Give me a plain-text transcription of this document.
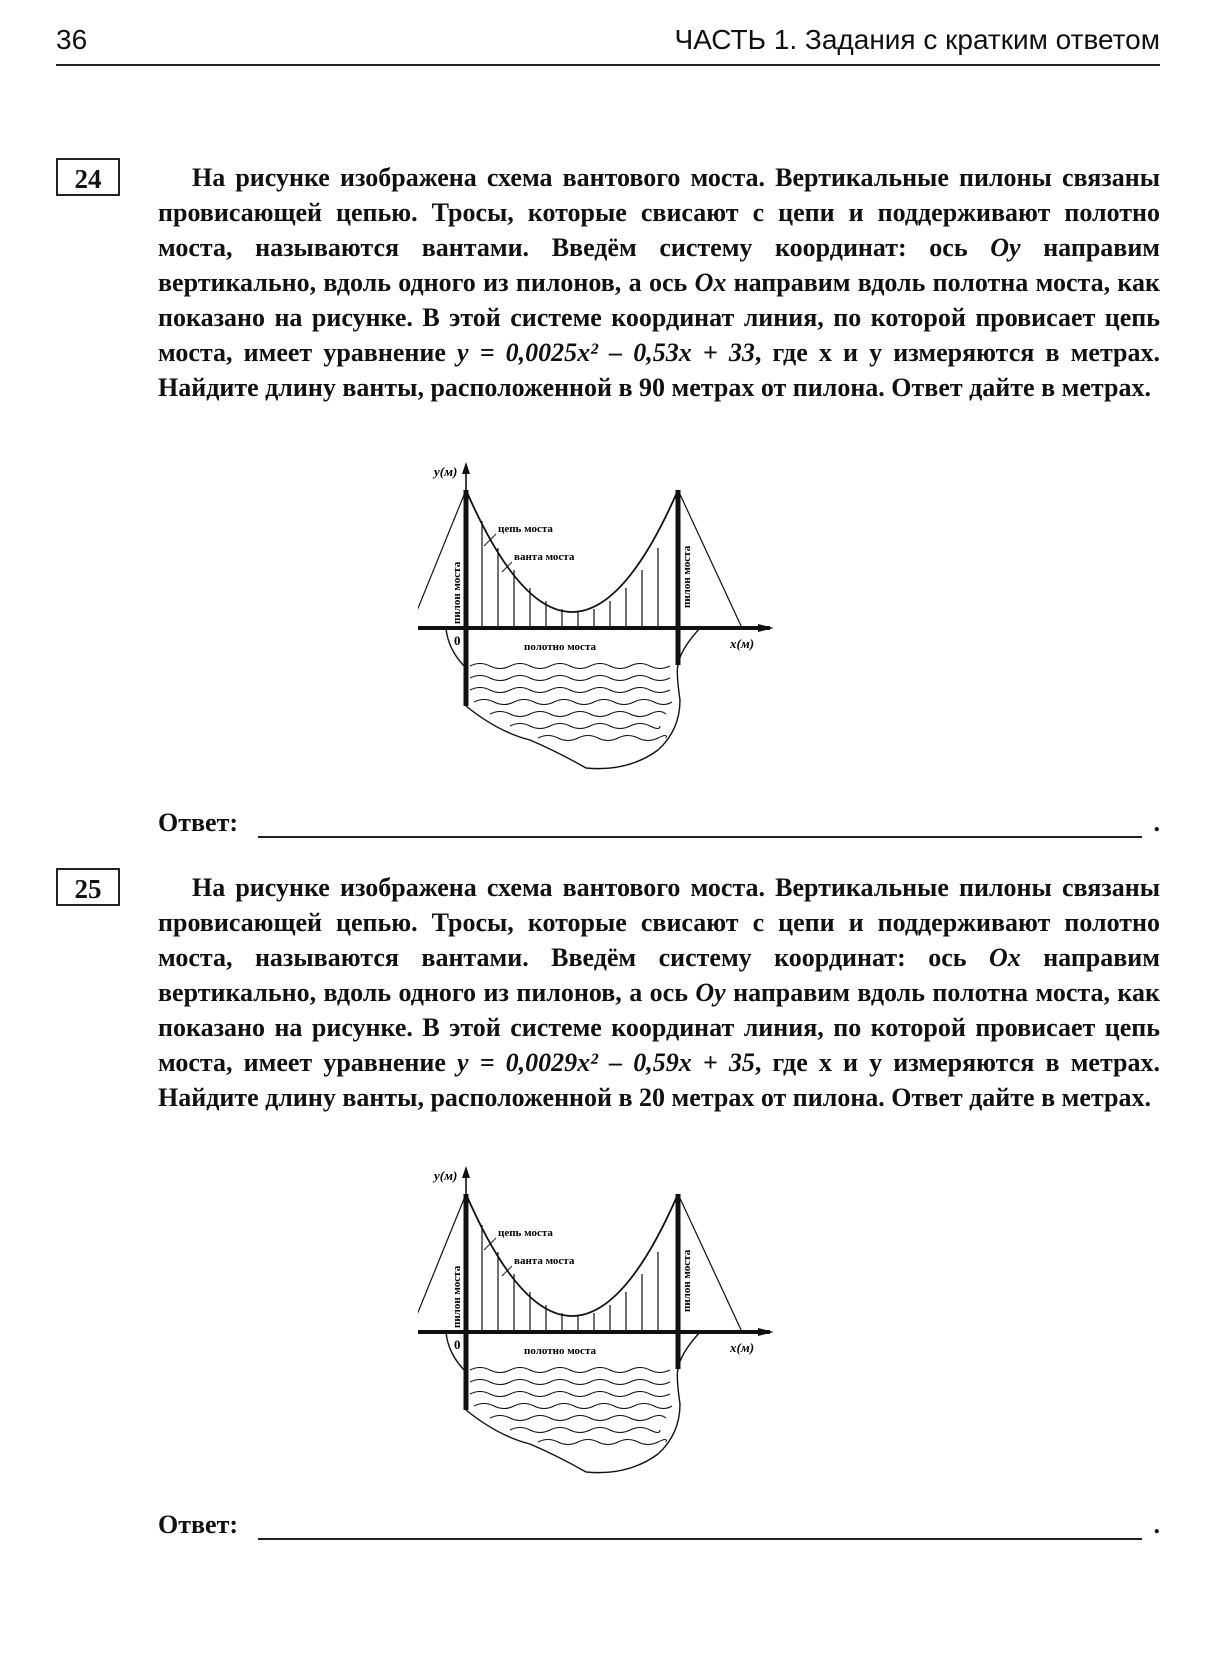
36	ЧАСТЬ 1. Задания с кратким ответом
24	На рисунке изображена схема вантового моста. Вертикальные пилоны связаны провисающей цепью. Тросы, которые свисают с цепи и поддерживают полотно моста, называются вантами. Введём систему координат: ось Oy направим вертикально, вдоль одного из пилонов, а ось Ox направим вдоль полотна моста, как показано на рисунке. В этой системе координат линия, по которой провисает цепь моста, имеет уравнение y = 0,0025x² – 0,53x + 33, где x и y измеряются в метрах. Найдите длину ванты, расположенной в 90 метрах от пилона. Ответ дайте в метрах.

y(м)
x(м)
0
цепь моста
ванта моста
полотно моста
пилон моста	пилон моста
Ответ:	.
25	На рисунке изображена схема вантового моста. Вертикальные пилоны связаны провисающей цепью. Тросы, которые свисают с цепи и поддерживают полотно моста, называются вантами. Введём систему координат: ось Ox направим вертикально, вдоль одного из пилонов, а ось Oy направим вдоль полотна моста, как показано на рисунке. В этой системе координат линия, по которой провисает цепь моста, имеет уравнение y = 0,0029x² – 0,59x + 35, где x и y измеряются в метрах. Найдите длину ванты, расположенной в 20 метрах от пилона. Ответ дайте в метрах.

y(м)
x(м)
0
цепь моста
ванта моста
полотно моста
пилон моста	пилон моста
Ответ:	.
